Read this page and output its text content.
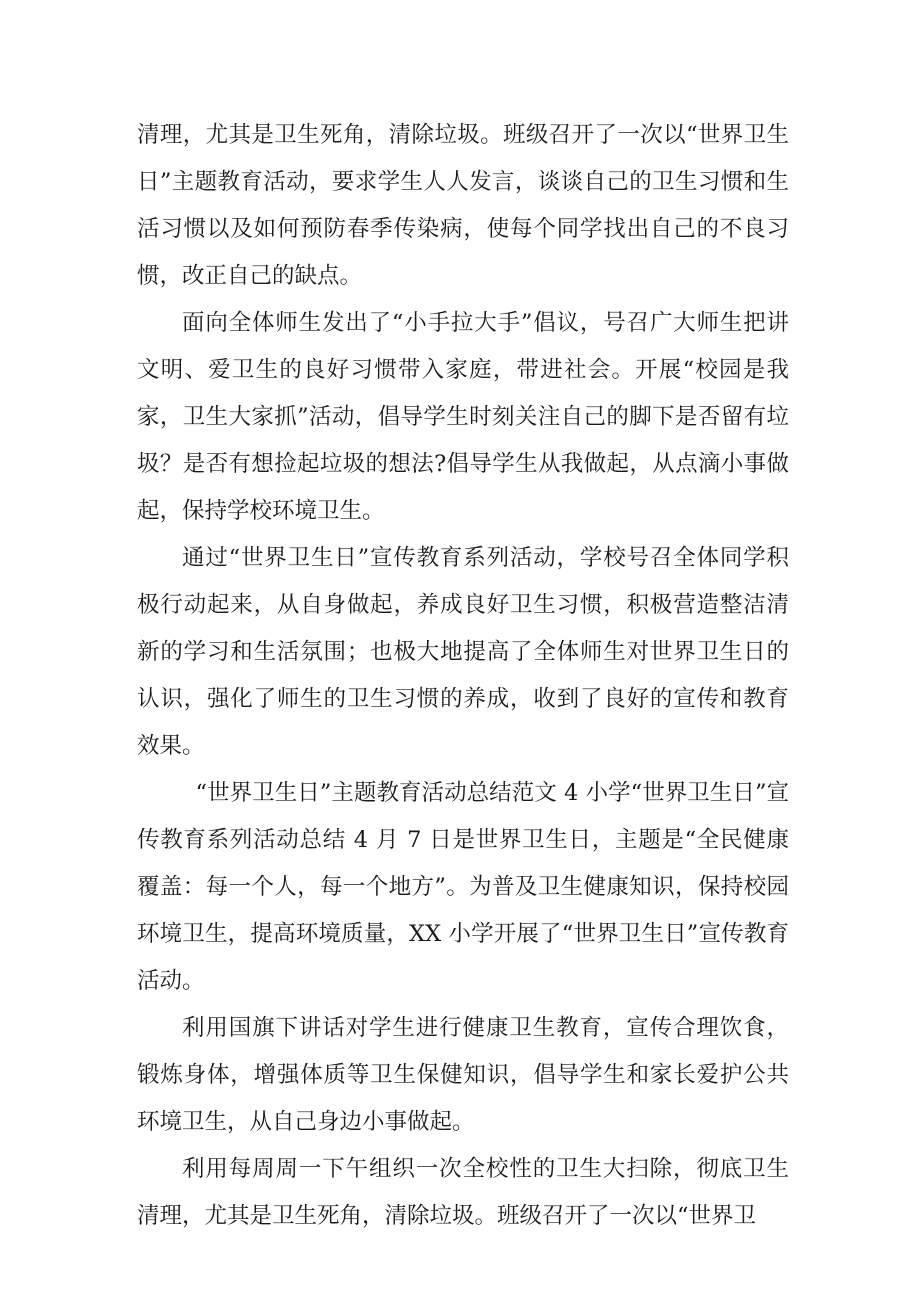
清理，尤其是卫生死角，清除垃圾。班级召开了一次以“世界卫生日”主题教育活动，要求学生人人发言，谈谈自己的卫生习惯和生活习惯以及如何预防春季传染病，使每个同学找出自己的不良习惯，改正自己的缺点。

面向全体师生发出了“小手拉大手”倡议，号召广大师生把讲文明、爱卫生的良好习惯带入家庭，带进社会。开展“校园是我家，卫生大家抓”活动，倡导学生时刻关注自己的脚下是否留有垃圾？是否有想捡起垃圾的想法?倡导学生从我做起，从点滴小事做起，保持学校环境卫生。

通过“世界卫生日”宣传教育系列活动，学校号召全体同学积极行动起来，从自身做起，养成良好卫生习惯，积极营造整洁清新的学习和生活氛围；也极大地提高了全体师生对世界卫生日的认识，强化了师生的卫生习惯的养成，收到了良好的宣传和教育效果。

“世界卫生日”主题教育活动总结范文 4 小学“世界卫生日”宣传教育系列活动总结 4 月 7 日是世界卫生日，主题是“全民健康覆盖：每一个人，每一个地方”。为普及卫生健康知识，保持校园环境卫生，提高环境质量，XX 小学开展了“世界卫生日”宣传教育活动。

利用国旗下讲话对学生进行健康卫生教育，宣传合理饮食，锻炼身体，增强体质等卫生保健知识，倡导学生和家长爱护公共环境卫生，从自己身边小事做起。

利用每周周一下午组织一次全校性的卫生大扫除，彻底卫生清理，尤其是卫生死角，清除垃圾。班级召开了一次以“世界卫
